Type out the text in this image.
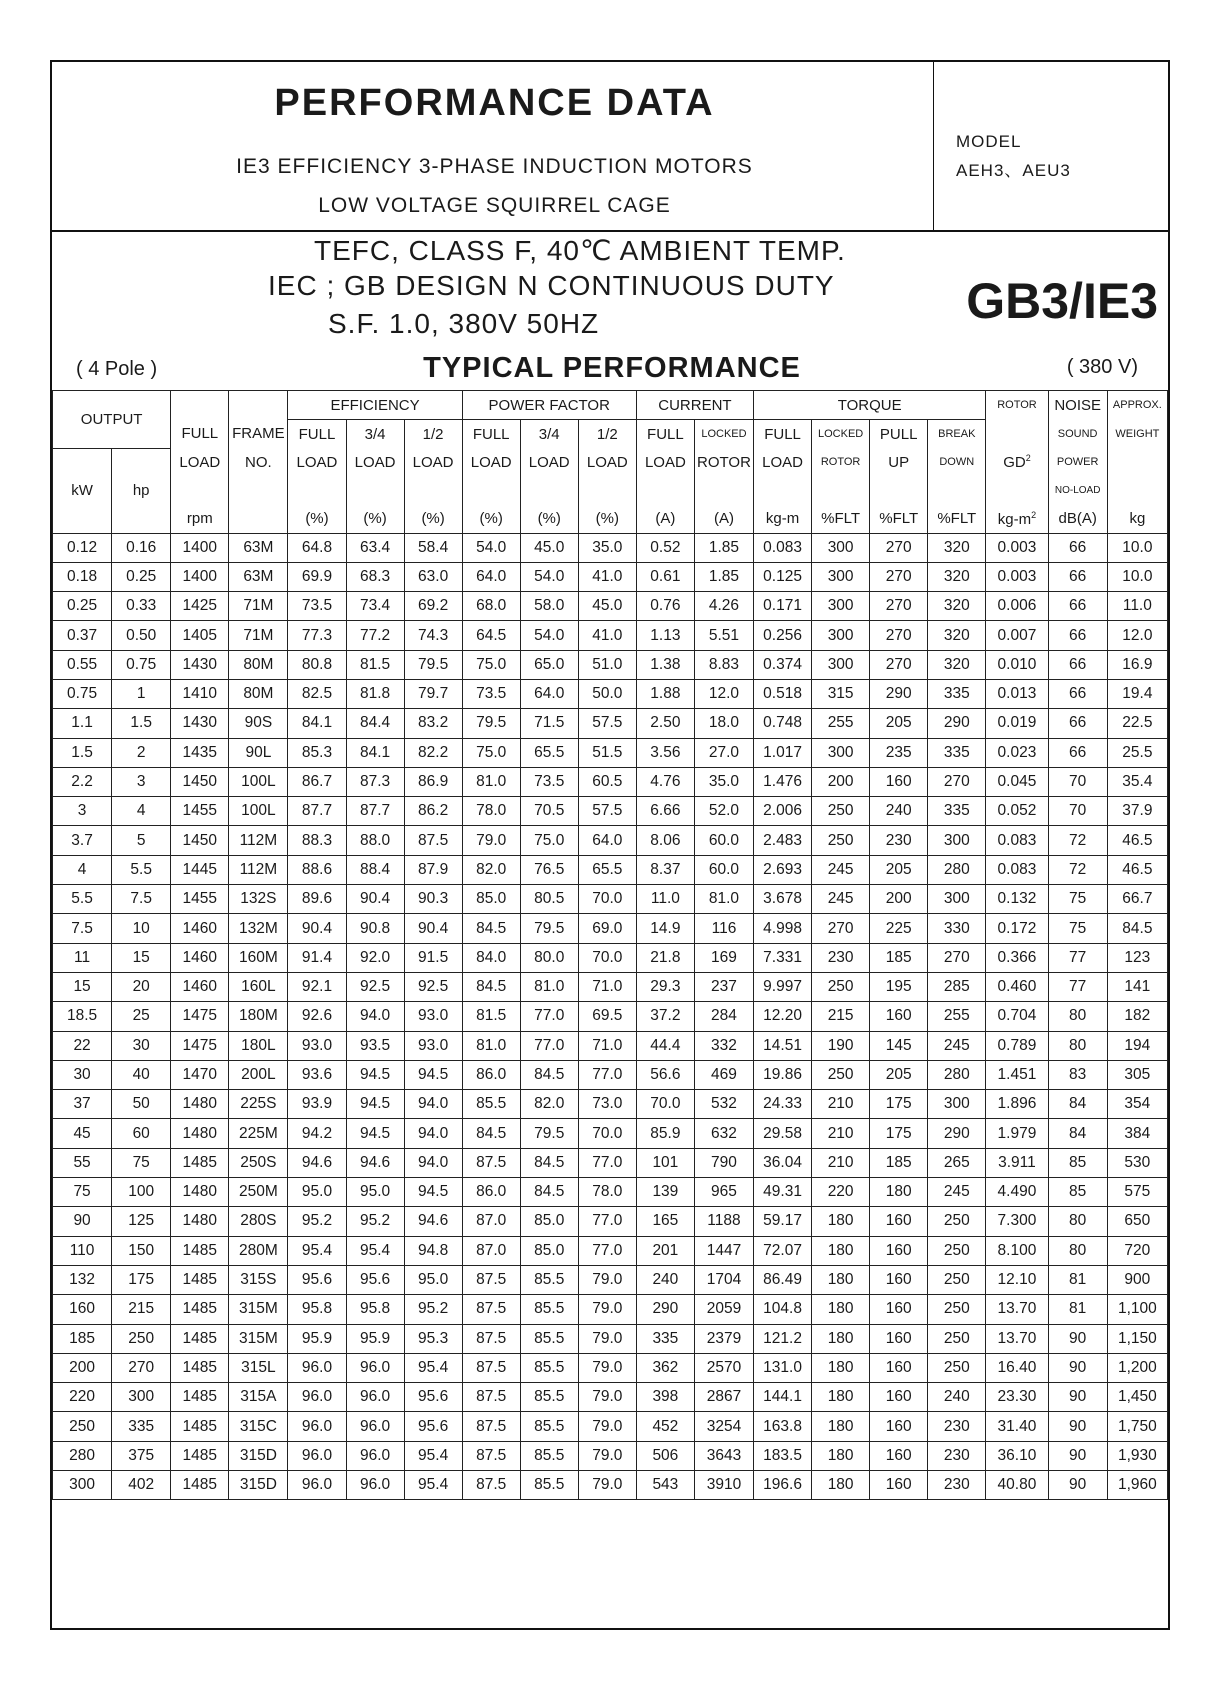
PERFORMANCE DATA
IE3 EFFICIENCY 3-PHASE INDUCTION MOTORS
LOW VOLTAGE SQUIRREL CAGE
MODEL
AEH3、AEU3
TEFC, CLASS F, 40℃ AMBIENT TEMP.
IEC ; GB DESIGN N CONTINUOUS DUTY
S.F. 1.0, 380V 50HZ	GB3/IE3
( 4 Pole )	TYPICAL PERFORMANCE	( 380 V)
OUTPUT				EFFICIENCY			POWER FACTOR			CURRENT		TORQUE				ROTOR	NOISE	APPROX.
		FULL	FRAME	FULL	3/4	1/2	FULL	3/4	1/2	FULL	LOCKED	FULL	LOCKED	PULL	BREAK		SOUND	WEIGHT
		LOAD	NO.	LOAD	LOAD	LOAD	LOAD	LOAD	LOAD	LOAD	ROTOR	LOAD	ROTOR	UP	DOWN	$GD^2$	POWER	
kW	hp																NO-LOAD	
		rpm		(%)	(%)	(%)	(%)	(%)	(%)	(A)	(A)	kg-m	%FLT	%FLT	%FLT	$kg-m^2$	dB(A)	kg
0.12	0.16	1400	63M	64.8	63.4	58.4	54.0	45.0	35.0	0.52	1.85	0.083	300	270	320	0.003	66	10.0
0.18	0.25	1400	63M	69.9	68.3	63.0	64.0	54.0	41.0	0.61	1.85	0.125	300	270	320	0.003	66	10.0
0.25	0.33	1425	71M	73.5	73.4	69.2	68.0	58.0	45.0	0.76	4.26	0.171	300	270	320	0.006	66	11.0
0.37	0.50	1405	71M	77.3	77.2	74.3	64.5	54.0	41.0	1.13	5.51	0.256	300	270	320	0.007	66	12.0
0.55	0.75	1430	80M	80.8	81.5	79.5	75.0	65.0	51.0	1.38	8.83	0.374	300	270	320	0.010	66	16.9
0.75	1	1410	80M	82.5	81.8	79.7	73.5	64.0	50.0	1.88	12.0	0.518	315	290	335	0.013	66	19.4
1.1	1.5	1430	90S	84.1	84.4	83.2	79.5	71.5	57.5	2.50	18.0	0.748	255	205	290	0.019	66	22.5
1.5	2	1435	90L	85.3	84.1	82.2	75.0	65.5	51.5	3.56	27.0	1.017	300	235	335	0.023	66	25.5
2.2	3	1450	100L	86.7	87.3	86.9	81.0	73.5	60.5	4.76	35.0	1.476	200	160	270	0.045	70	35.4
3	4	1455	100L	87.7	87.7	86.2	78.0	70.5	57.5	6.66	52.0	2.006	250	240	335	0.052	70	37.9
3.7	5	1450	112M	88.3	88.0	87.5	79.0	75.0	64.0	8.06	60.0	2.483	250	230	300	0.083	72	46.5
4	5.5	1445	112M	88.6	88.4	87.9	82.0	76.5	65.5	8.37	60.0	2.693	245	205	280	0.083	72	46.5
5.5	7.5	1455	132S	89.6	90.4	90.3	85.0	80.5	70.0	11.0	81.0	3.678	245	200	300	0.132	75	66.7
7.5	10	1460	132M	90.4	90.8	90.4	84.5	79.5	69.0	14.9	116	4.998	270	225	330	0.172	75	84.5
11	15	1460	160M	91.4	92.0	91.5	84.0	80.0	70.0	21.8	169	7.331	230	185	270	0.366	77	123
15	20	1460	160L	92.1	92.5	92.5	84.5	81.0	71.0	29.3	237	9.997	250	195	285	0.460	77	141
18.5	25	1475	180M	92.6	94.0	93.0	81.5	77.0	69.5	37.2	284	12.20	215	160	255	0.704	80	182
22	30	1475	180L	93.0	93.5	93.0	81.0	77.0	71.0	44.4	332	14.51	190	145	245	0.789	80	194
30	40	1470	200L	93.6	94.5	94.5	86.0	84.5	77.0	56.6	469	19.86	250	205	280	1.451	83	305
37	50	1480	225S	93.9	94.5	94.0	85.5	82.0	73.0	70.0	532	24.33	210	175	300	1.896	84	354
45	60	1480	225M	94.2	94.5	94.0	84.5	79.5	70.0	85.9	632	29.58	210	175	290	1.979	84	384
55	75	1485	250S	94.6	94.6	94.0	87.5	84.5	77.0	101	790	36.04	210	185	265	3.911	85	530
75	100	1480	250M	95.0	95.0	94.5	86.0	84.5	78.0	139	965	49.31	220	180	245	4.490	85	575
90	125	1480	280S	95.2	95.2	94.6	87.0	85.0	77.0	165	1188	59.17	180	160	250	7.300	80	650
110	150	1485	280M	95.4	95.4	94.8	87.0	85.0	77.0	201	1447	72.07	180	160	250	8.100	80	720
132	175	1485	315S	95.6	95.6	95.0	87.5	85.5	79.0	240	1704	86.49	180	160	250	12.10	81	900
160	215	1485	315M	95.8	95.8	95.2	87.5	85.5	79.0	290	2059	104.8	180	160	250	13.70	81	1,100
185	250	1485	315M	95.9	95.9	95.3	87.5	85.5	79.0	335	2379	121.2	180	160	250	13.70	90	1,150
200	270	1485	315L	96.0	96.0	95.4	87.5	85.5	79.0	362	2570	131.0	180	160	250	16.40	90	1,200
220	300	1485	315A	96.0	96.0	95.6	87.5	85.5	79.0	398	2867	144.1	180	160	240	23.30	90	1,450
250	335	1485	315C	96.0	96.0	95.6	87.5	85.5	79.0	452	3254	163.8	180	160	230	31.40	90	1,750
280	375	1485	315D	96.0	96.0	95.4	87.5	85.5	79.0	506	3643	183.5	180	160	230	36.10	90	1,930
300	402	1485	315D	96.0	96.0	95.4	87.5	85.5	79.0	543	3910	196.6	180	160	230	40.80	90	1,960
